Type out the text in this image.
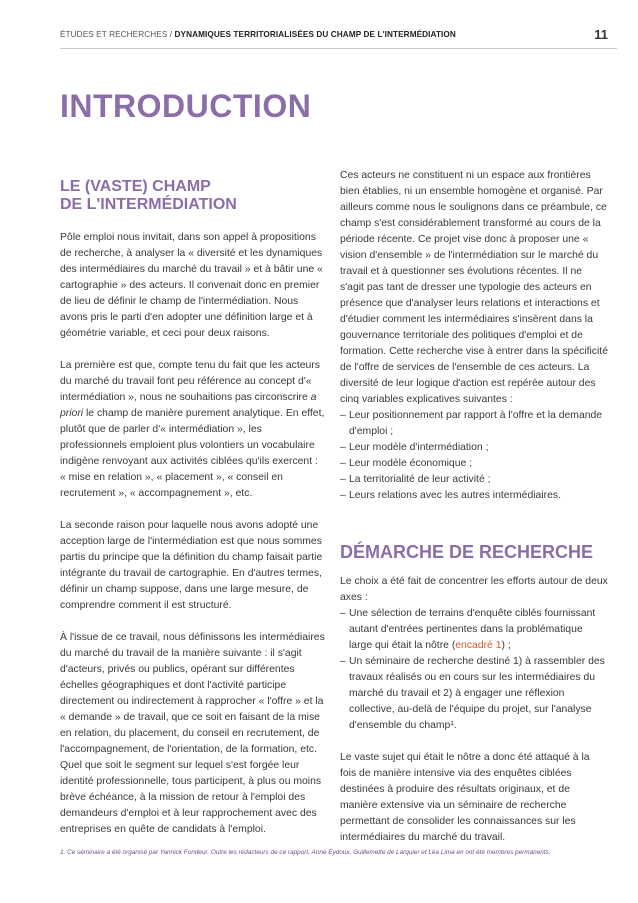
ÉTUDES ET RECHERCHES / DYNAMIQUES TERRITORIALISÉES DU CHAMP DE L'INTERMÉDIATION	11
INTRODUCTION
LE (VASTE) CHAMP
DE L'INTERMÉDIATION

Pôle emploi nous invitait, dans son appel à propositions de recherche, à analyser la « diversité et les dynamiques des intermédiaires du marché du travail » et à bâtir une « cartographie » des acteurs. Il convenait donc en premier de lieu de définir le champ de l'intermédiation. Nous avons pris le parti d'en adopter une définition large et à géométrie variable, et ceci pour deux raisons.

La première est que, compte tenu du fait que les acteurs du marché du travail font peu référence au concept d'« intermédiation », nous ne souhaitions pas circonscrire a priori le champ de manière purement analytique. En effet, plutôt que de parler d'« intermédiation », les professionnels emploient plus volontiers un vocabulaire indigène renvoyant aux activités ciblées qu'ils exercent : « mise en relation », « placement », « conseil en recrutement », « accompagnement », etc.

La seconde raison pour laquelle nous avons adopté une acception large de l'intermédiation est que nous sommes partis du principe que la définition du champ faisait partie intégrante du travail de cartographie. En d'autres termes, définir un champ suppose, dans une large mesure, de comprendre comment il est structuré.

À l'issue de ce travail, nous définissons les intermédiaires du marché du travail de la manière suivante : il s'agit d'acteurs, privés ou publics, opérant sur différentes échelles géographiques et dont l'activité participe directement ou indirectement à rapprocher « l'offre » et la « demande » de travail, que ce soit en faisant de la mise en relation, du placement, du conseil en recrutement, de l'accompagnement, de l'orientation, de la formation, etc. Quel que soit le segment sur lequel s'est forgée leur identité professionnelle, tous participent, à plus ou moins brève échéance, à la mission de retour à l'emploi des demandeurs d'emploi et à leur rapprochement avec des entreprises en quête de candidats à l'emploi.

Ces acteurs ne constituent ni un espace aux frontières bien établies, ni un ensemble homogène et organisé. Par ailleurs comme nous le soulignons dans ce préambule, ce champ s'est considérablement transformé au cours de la période récente. Ce projet vise donc à proposer une « vision d'ensemble » de l'intermédiation sur le marché du travail et à questionner ses évolutions récentes. Il ne s'agit pas tant de dresser une typologie des acteurs en présence que d'analyser leurs relations et interactions et d'étudier comment les intermédiaires s'insèrent dans la gouvernance territoriale des politiques d'emploi et de formation. Cette recherche vise à entrer dans la spécificité de l'offre de services de l'ensemble de ces acteurs. La diversité de leur logique d'action est repérée autour des cinq variables explicatives suivantes :

– Leur positionnement par rapport à l'offre et la demande d'emploi ;
– Leur modèle d'intermédiation ;
– Leur modèle économique ;
– La territorialité de leur activité ;
– Leurs relations avec les autres intermédiaires.
DÉMARCHE DE RECHERCHE

Le choix a été fait de concentrer les efforts autour de deux axes :

– Une sélection de terrains d'enquête ciblés fournissant autant d'entrées pertinentes dans la problématique large qui était la nôtre (encadré 1) ;
– Un séminaire de recherche destiné 1) à rassembler des travaux réalisés ou en cours sur les intermédiaires du marché du travail et 2) à engager une réflexion collective, au-delà de l'équipe du projet, sur l'analyse d'ensemble du champ¹.

Le vaste sujet qui était le nôtre a donc été attaqué à la fois de manière intensive via des enquêtes ciblées destinées à produire des résultats originaux, et de manière extensive via un séminaire de recherche permettant de consolider les connaissances sur les intermédiaires du marché du travail.

1. Ce séminaire a été organisé par Yannick Fondeur. Outre les rédacteurs de ce rapport, Anne Eydoux, Guillemette de Larquier et Léa Lima en ont été membres permanents.
